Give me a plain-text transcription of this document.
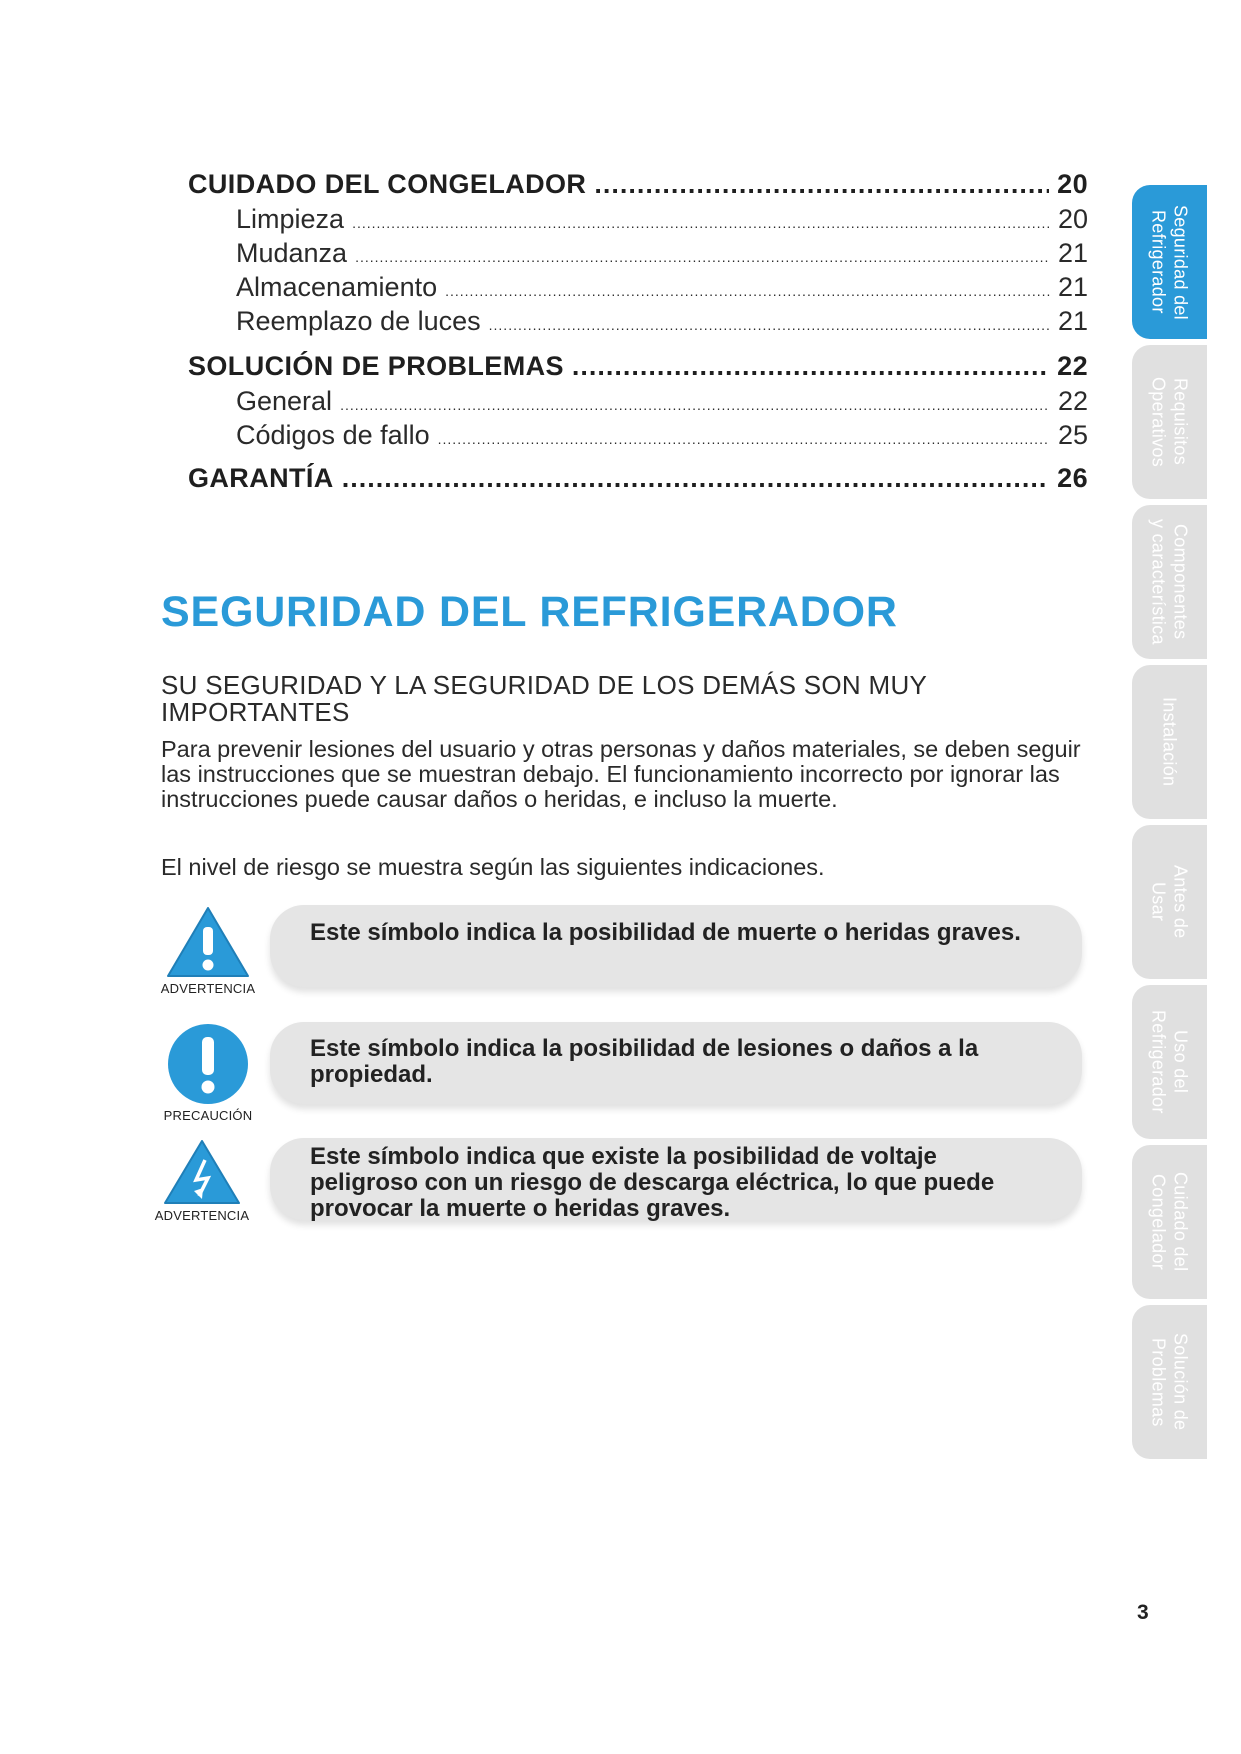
CUIDADO DEL CONGELADOR .....	20
Limpieza .....	20
Mudanza .....	21
Almacenamiento .....	21
Reemplazo de luces .....	21
SOLUCIÓN DE PROBLEMAS .....	22
General .....	22
Códigos de fallo .....	25
GARANTÍA .....	26
SEGURIDAD DEL REFRIGERADOR
SU SEGURIDAD Y LA SEGURIDAD DE LOS DEMÁS SON MUY IMPORTANTES
Para prevenir lesiones del usuario y otras personas y daños materiales, se deben seguir las instrucciones que se muestran debajo. El funcionamiento incorrecto por ignorar las instrucciones puede causar daños o heridas, e incluso la muerte.
El nivel de riesgo se muestra según las siguientes indicaciones.
ADVERTENCIA
Este símbolo indica la posibilidad de muerte o heridas graves.
PRECAUCIÓN
Este símbolo indica la posibilidad de lesiones o daños a la propiedad.
ADVERTENCIA
Este símbolo indica que existe la posibilidad de voltaje peligroso con un riesgo de descarga eléctrica, lo que puede provocar la muerte o heridas graves.
Seguridad del
Refrigerador
Requisitos
Operativos
Componentes
y característica
Instalación
Antes de
Usar
Uso del
Refrigerador
Cuidado del
Congelador
Solución de
Problemas
3
